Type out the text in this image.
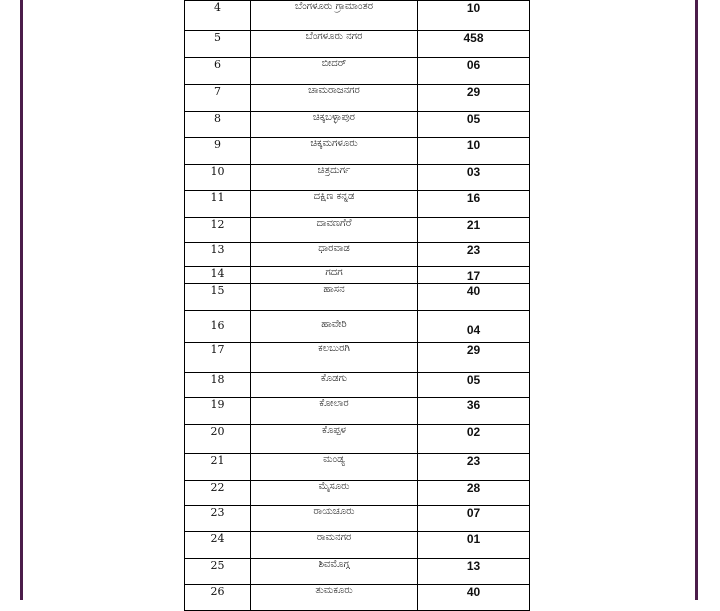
4	ಬೆಂಗಳೂರು ಗ್ರಾಮಾಂತರ	10
5	ಬೆಂಗಳೂರು ನಗರ	458
6	ಬೀದರ್	06
7	ಚಾಮರಾಜನಗರ	29
8	ಚಿಕ್ಕಬಳ್ಳಾಪುರ	05
9	ಚಿಕ್ಕಮಗಳೂರು	10
10	ಚಿತ್ರದುರ್ಗ	03
11	ದಕ್ಷಿಣ ಕನ್ನಡ	16
12	ದಾವಣಗೆರೆ	21
13	ಧಾರವಾಡ	23
14	ಗದಗ	17
15	ಹಾಸನ	40
16	ಹಾವೇರಿ	04
17	ಕಲಬುರಗಿ	29
18	ಕೊಡಗು	05
19	ಕೋಲಾರ	36
20	ಕೊಪ್ಪಳ	02
21	ಮಂಡ್ಯ	23
22	ಮೈಸೂರು	28
23	ರಾಯಚೂರು	07
24	ರಾಮನಗರ	01
25	ಶಿವಮೊಗ್ಗ	13
26	ತುಮಕೂರು	40
